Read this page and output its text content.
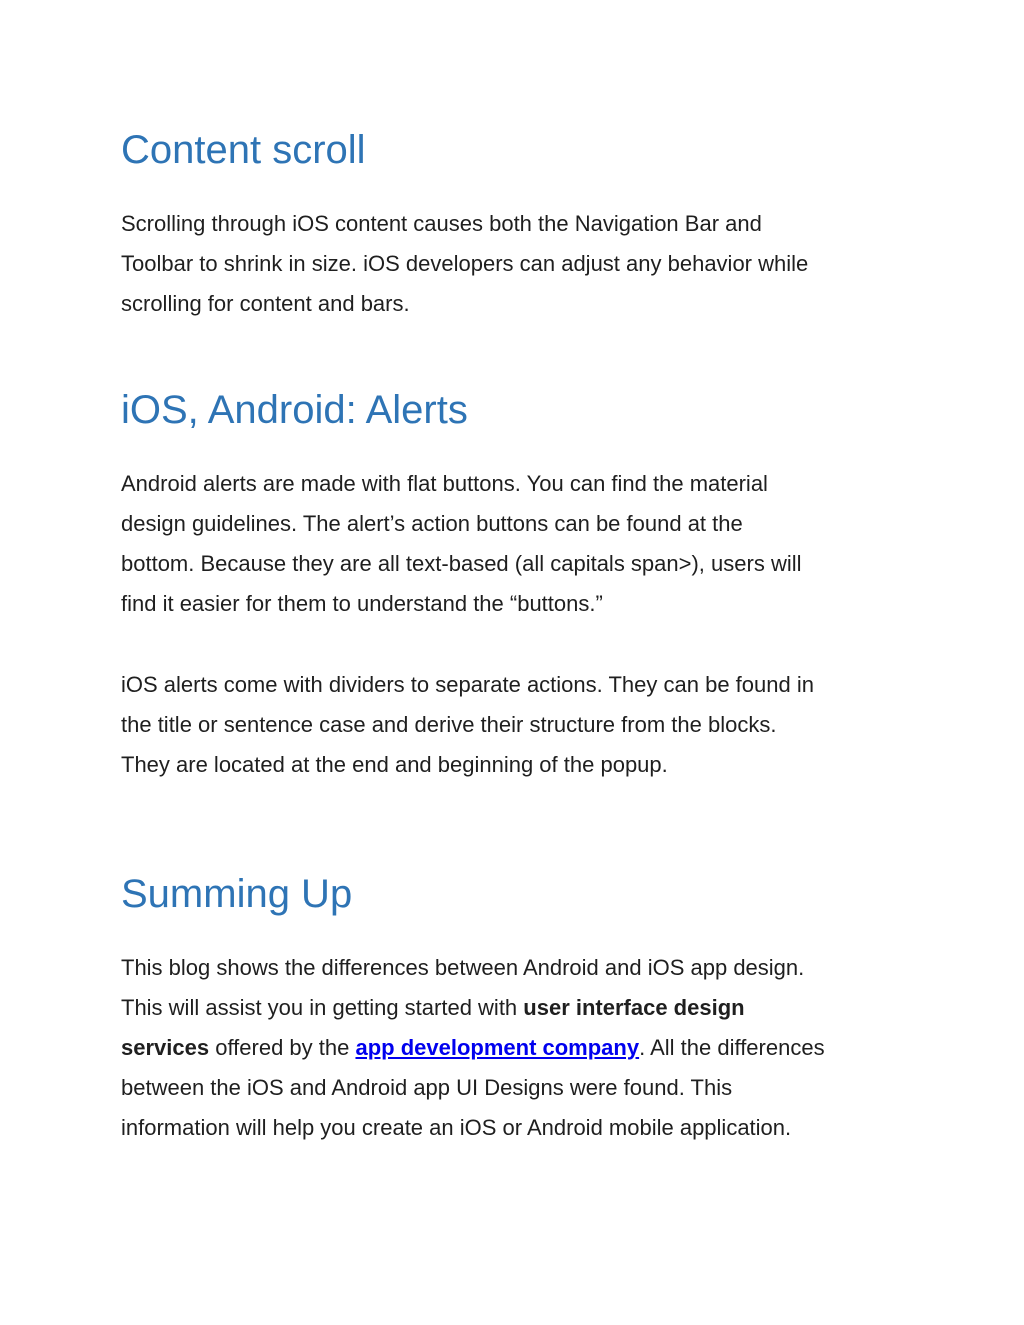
Content scroll

Scrolling through iOS content causes both the Navigation Bar and
Toolbar to shrink in size. iOS developers can adjust any behavior while
scrolling for content and bars.

iOS, Android: Alerts

Android alerts are made with flat buttons. You can find the material
design guidelines. The alert’s action buttons can be found at the
bottom. Because they are all text-based (all capitals span>), users will
find it easier for them to understand the “buttons.”

iOS alerts come with dividers to separate actions. They can be found in
the title or sentence case and derive their structure from the blocks.
They are located at the end and beginning of the popup.

Summing Up

This blog shows the differences between Android and iOS app design.
This will assist you in getting started with user interface design
services offered by the app development company. All the differences
between the iOS and Android app UI Designs were found. This
information will help you create an iOS or Android mobile application.
